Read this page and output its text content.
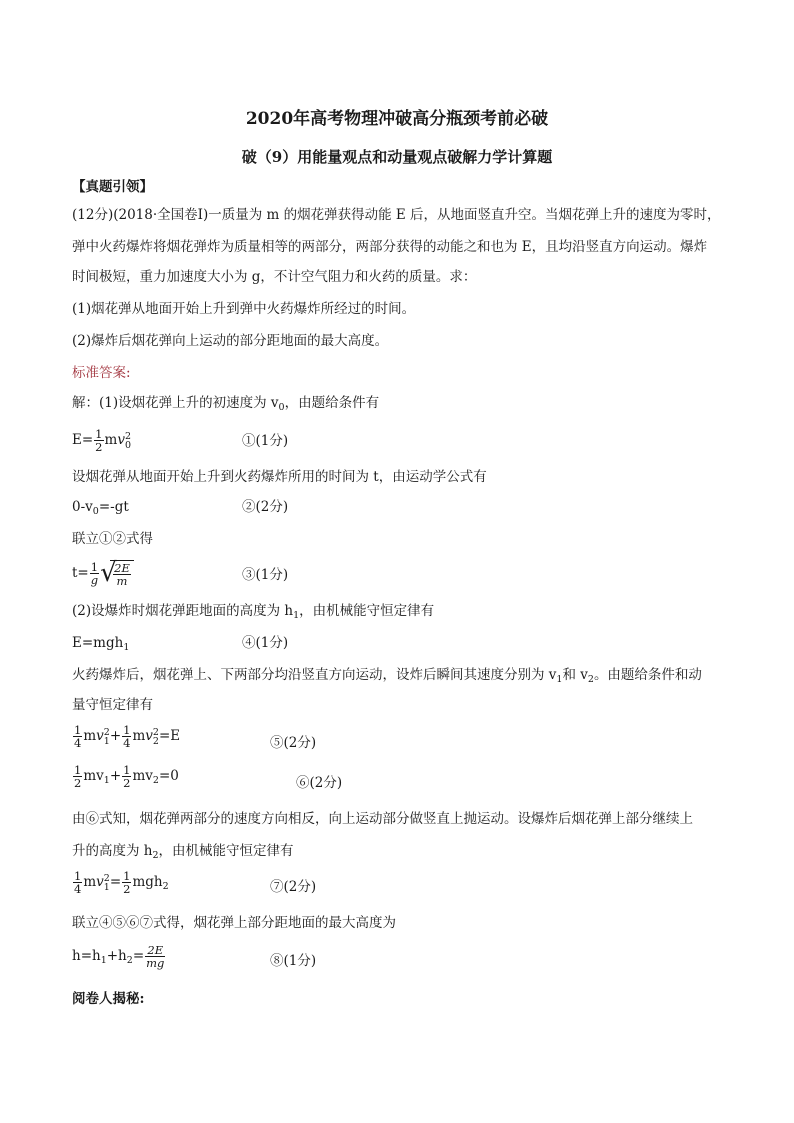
2020年高考物理冲破高分瓶颈考前必破
破（9）用能量观点和动量观点破解力学计算题
【真题引领】
(12分)(2018·全国卷Ⅰ)一质量为 m 的烟花弹获得动能 E 后，从地面竖直升空。当烟花弹上升的速度为零时，
弹中火药爆炸将烟花弹炸为质量相等的两部分，两部分获得的动能之和也为 E，且均沿竖直方向运动。爆炸
时间极短，重力加速度大小为 g，不计空气阻力和火药的质量。求：
(1)烟花弹从地面开始上升到弹中火药爆炸所经过的时间。
(2)爆炸后烟花弹向上运动的部分距地面的最大高度。
标准答案:
解：(1)设烟花弹上升的初速度为 $v_0$，由题给条件有
$E= \frac{1}{2}$ mv 2
0	①(1分)
设烟花弹从地面开始上升到火药爆炸所用的时间为 t，由运动学公式有
$0-v_0=-gt$	②(2分)
联立①②式得
$t= \frac{1}{g}$ √
$\frac{2E}{m}$	③(1分)
(2)设爆炸时烟花弹距地面的高度为 $h_1$，由机械能守恒定律有
E=mgh$_1$	④(1分)
火药爆炸后，烟花弹上、下两部分均沿竖直方向运动，设炸后瞬间其速度分别为 $v_1$和 $v_2$。由题给条件和动
量守恒定律有
$\frac{1}{4}$ mv 2
$1 + \frac{1}{4}$ mv 2
2 =E	⑤(2分)
$\frac{1}{2} mv_1+ \frac{1}{2} mv_2=0$	⑥(2分)
由⑥式知，烟花弹两部分的速度方向相反，向上运动部分做竖直上抛运动。设爆炸后烟花弹上部分继续上
升的高度为 $h_2$，由机械能守恒定律有
$\frac{1}{4}$ mv 2
$1 = \frac{1}{2} mgh_2$	⑦(2分)
联立④⑤⑥⑦式得，烟花弹上部分距地面的最大高度为
$h=h_1+h_2= \frac{2E}{mg}$	⑧(1分)
阅卷人揭秘:
